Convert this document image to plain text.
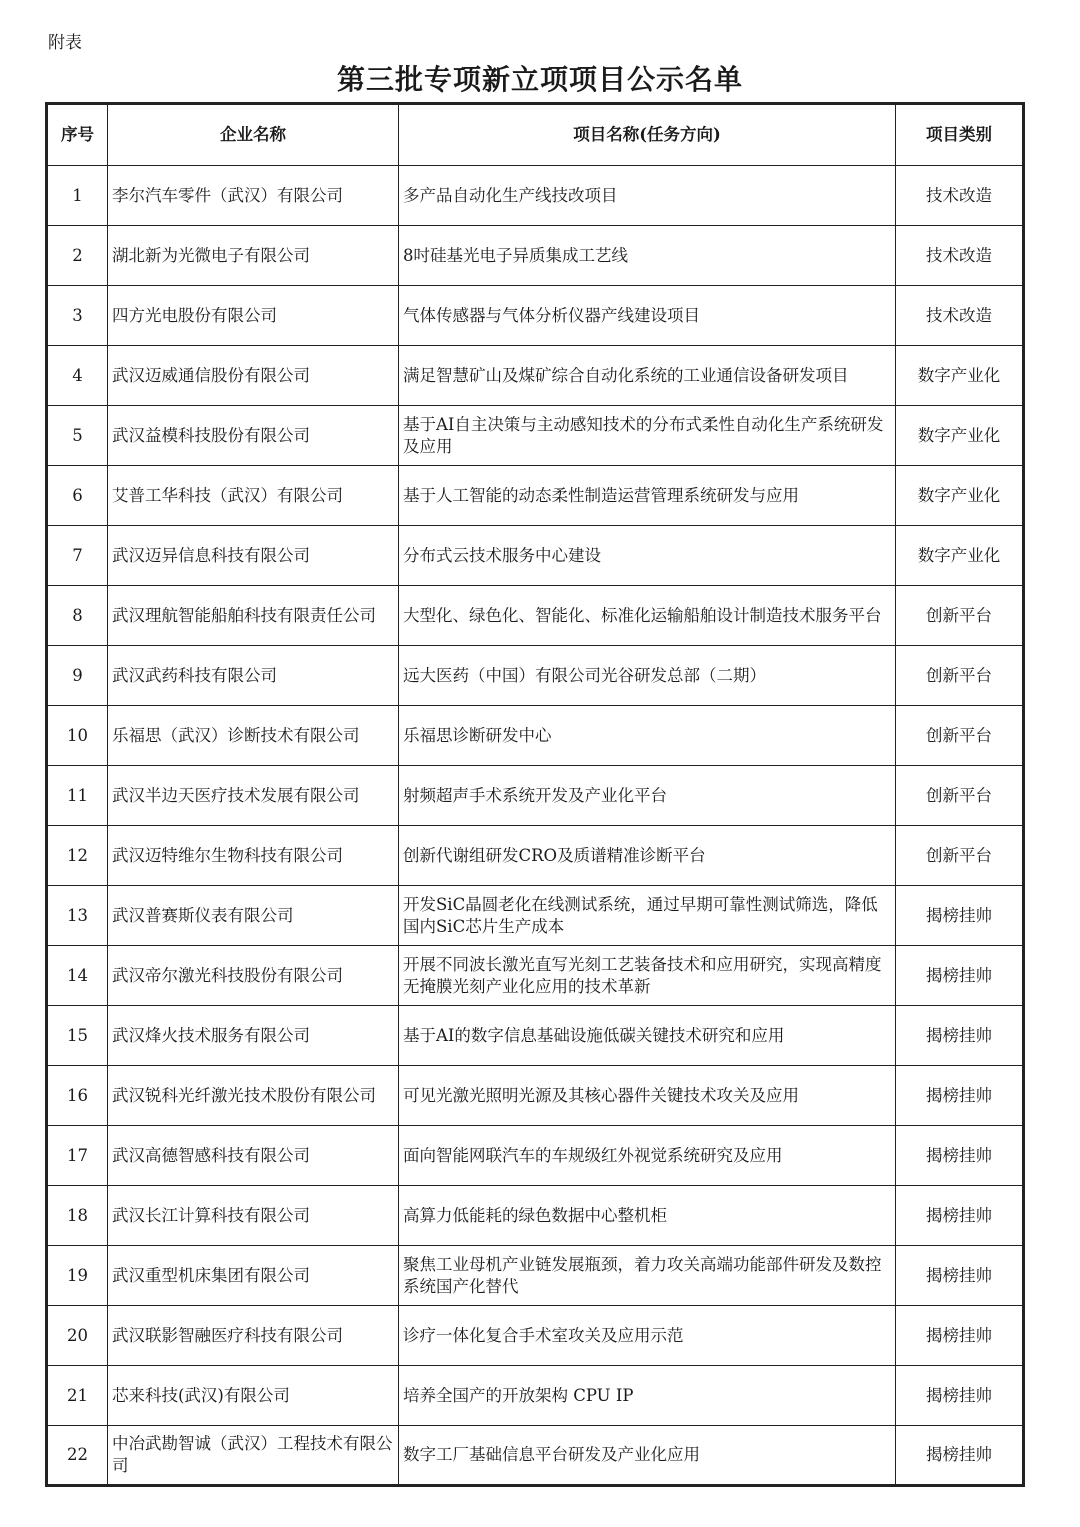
附表
第三批专项新立项项目公示名单
序号	企业名称	项目名称(任务方向)	项目类别
1	李尔汽车零件（武汉）有限公司	多产品自动化生产线技改项目	技术改造
2	湖北新为光微电子有限公司	8吋硅基光电子异质集成工艺线	技术改造
3	四方光电股份有限公司	气体传感器与气体分析仪器产线建设项目	技术改造
4	武汉迈威通信股份有限公司	满足智慧矿山及煤矿综合自动化系统的工业通信设备研发项目	数字产业化
5	武汉益模科技股份有限公司	基于AI自主决策与主动感知技术的分布式柔性自动化生产系统研发及应用	数字产业化
6	艾普工华科技（武汉）有限公司	基于人工智能的动态柔性制造运营管理系统研发与应用	数字产业化
7	武汉迈异信息科技有限公司	分布式云技术服务中心建设	数字产业化
8	武汉理航智能船舶科技有限责任公司	大型化、绿色化、智能化、标准化运输船舶设计制造技术服务平台	创新平台
9	武汉武药科技有限公司	远大医药（中国）有限公司光谷研发总部（二期）	创新平台
10	乐福思（武汉）诊断技术有限公司	乐福思诊断研发中心	创新平台
11	武汉半边天医疗技术发展有限公司	射频超声手术系统开发及产业化平台	创新平台
12	武汉迈特维尔生物科技有限公司	创新代谢组研发CRO及质谱精准诊断平台	创新平台
13	武汉普赛斯仪表有限公司	开发SiC晶圆老化在线测试系统，通过早期可靠性测试筛选，降低国内SiC芯片生产成本	揭榜挂帅
14	武汉帝尔激光科技股份有限公司	开展不同波长激光直写光刻工艺装备技术和应用研究，实现高精度无掩膜光刻产业化应用的技术革新	揭榜挂帅
15	武汉烽火技术服务有限公司	基于AI的数字信息基础设施低碳关键技术研究和应用	揭榜挂帅
16	武汉锐科光纤激光技术股份有限公司	可见光激光照明光源及其核心器件关键技术攻关及应用	揭榜挂帅
17	武汉高德智感科技有限公司	面向智能网联汽车的车规级红外视觉系统研究及应用	揭榜挂帅
18	武汉长江计算科技有限公司	高算力低能耗的绿色数据中心整机柜	揭榜挂帅
19	武汉重型机床集团有限公司	聚焦工业母机产业链发展瓶颈，着力攻关高端功能部件研发及数控系统国产化替代	揭榜挂帅
20	武汉联影智融医疗科技有限公司	诊疗一体化复合手术室攻关及应用示范	揭榜挂帅
21	芯来科技(武汉)有限公司	培养全国产的开放架构 CPU IP	揭榜挂帅
22	中冶武勘智诚（武汉）工程技术有限公司	数字工厂基础信息平台研发及产业化应用	揭榜挂帅
